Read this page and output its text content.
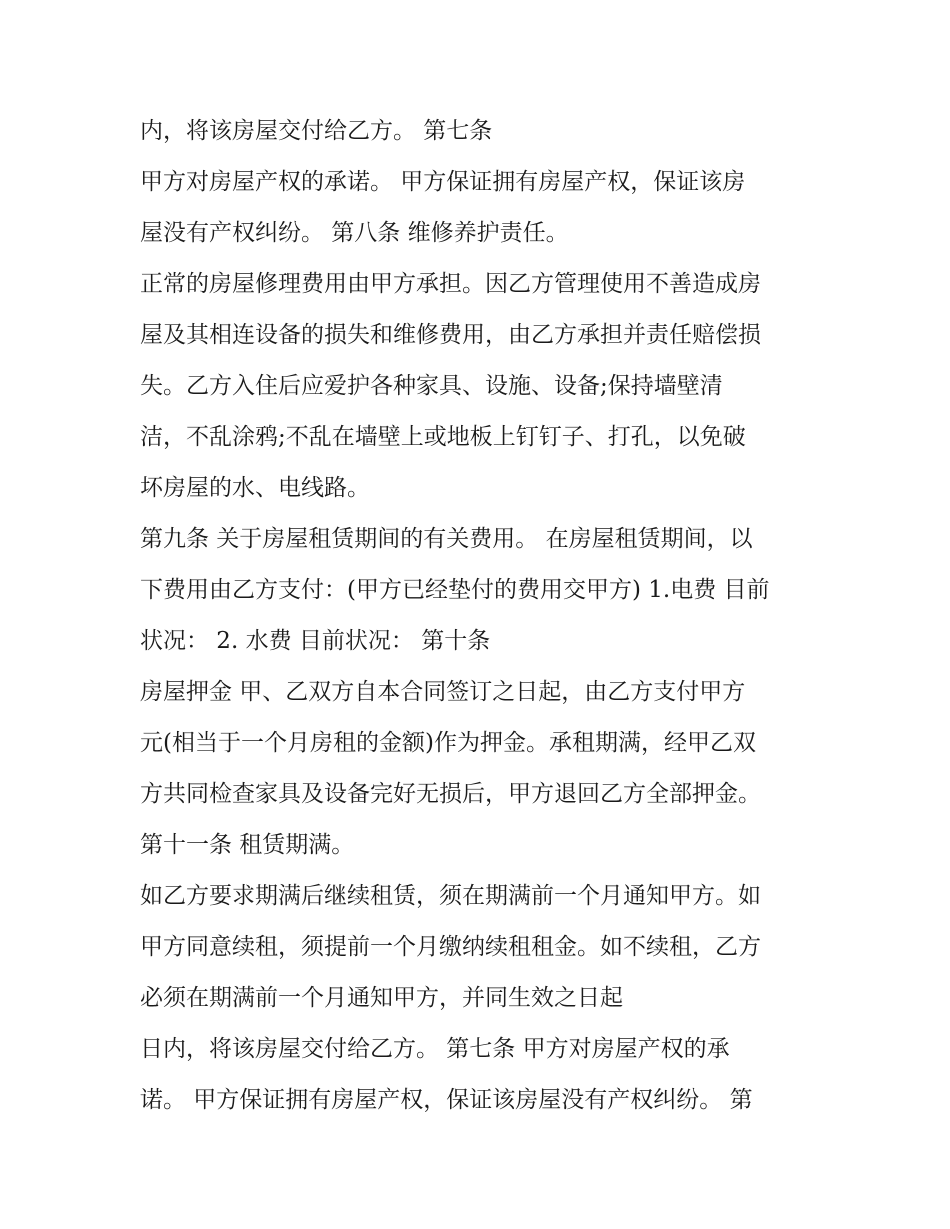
内，将该房屋交付给乙方。 第七条
甲方对房屋产权的承诺。 甲方保证拥有房屋产权，保证该房
屋没有产权纠纷。 第八条 维修养护责任。
正常的房屋修理费用由甲方承担。因乙方管理使用不善造成房
屋及其相连设备的损失和维修费用，由乙方承担并责任赔偿损
失。乙方入住后应爱护各种家具、设施、设备;保持墙壁清
洁，不乱涂鸦;不乱在墙壁上或地板上钉钉子、打孔，以免破
坏房屋的水、电线路。
第九条 关于房屋租赁期间的有关费用。 在房屋租赁期间，以
下费用由乙方支付：(甲方已经垫付的费用交甲方) 1.电费 目前
状况： 2. 水费 目前状况： 第十条
房屋押金 甲、乙双方自本合同签订之日起，由乙方支付甲方
元(相当于一个月房租的金额)作为押金。承租期满，经甲乙双
方共同检查家具及设备完好无损后，甲方退回乙方全部押金。
第十一条 租赁期满。
如乙方要求期满后继续租赁，须在期满前一个月通知甲方。如
甲方同意续租，须提前一个月缴纳续租租金。如不续租，乙方
必须在期满前一个月通知甲方，并同生效之日起
日内，将该房屋交付给乙方。 第七条 甲方对房屋产权的承
诺。 甲方保证拥有房屋产权，保证该房屋没有产权纠纷。 第
